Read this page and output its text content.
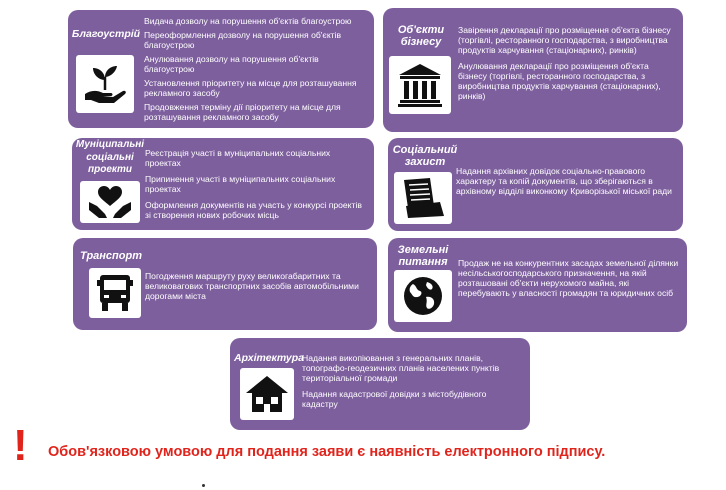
Благоустрій
Видача дозволу на порушення об'єктів благоустрою
Переоформлення дозволу на порушення об'єктів благоустрою
Анулювання дозволу на порушення об'єктів благоустрою
Установлення пріоритету на місце для розташування рекламного засобу
Продовження терміну дії пріоритету на місце для розташування рекламного засобу
Об'єкти
бізнесу
Завірення декларації про розміщення об'єкта бізнесу (торгівлі, ресторанного господарства, з виробництва продуктів харчування (стаціонарних), ринків)
Анулювання декларації про розміщення об'єкта бізнесу (торгівлі, ресторанного господарства, з виробництва продуктів харчування (стаціонарних), ринків)
Муніципальні
соціальні
проекти
Реєстрація участі в муніципальних соціальних проектах
Припинення участі в муніципальних соціальних проектах
Оформлення документів на участь у конкурсі проектів зі створення нових робочих місць
Соціальний
захист
Надання архівних довідок соціально-правового характеру та копій документів, що зберігаються в архівному відділі виконкому Криворізької міської ради
Транспорт
Погодження маршруту руху великогабаритних та великовагових транспортних засобів автомобільними дорогами міста
Земельні
питання	Продаж не на конкурентних засадах земельної ділянки несільськогосподарського призначення, на якій розташовані об'єкти нерухомого майна, які перебувають у власності громадян та юридичних осіб
Архітектура
Надання викопіювання з генеральних планів, топографо-геодезичних планів населених пунктів територіальної громади
Надання кадастрової довідки з містобудівного кадастру
! Обов'язковою умовою для подання заяви є наявність електронного підпису.
